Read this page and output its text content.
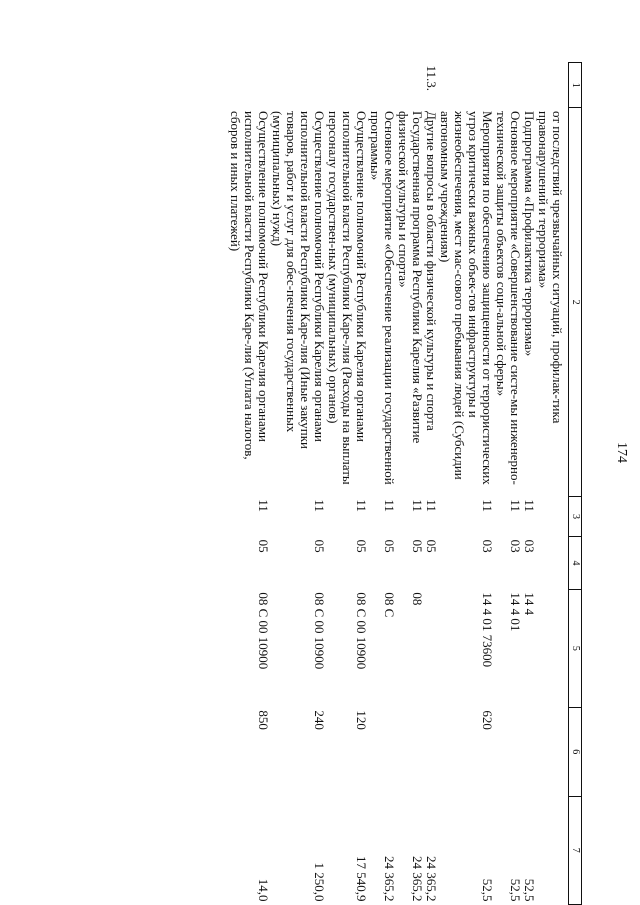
174
1	2	3	4	5	6	7

	от последствий чрезвычайных ситуаций, профилак-тика правонарушений и терроризма»					
	Подпрограмма «Профилактика терроризма»	11	03	14 4		52,5
	Основное мероприятие «Совершенствование систе-мы инженерно-технической защиты объектов соци-альной сферы»	11	03	14 4 01		52,5
	Мероприятия по обеспечению защищенности от террористических угроз критически важных объек-тов инфраструктуры и жизнеобеспечения, мест мас-сового пребывания людей (Субсидии автономным учреждениям)	11	03	14 4 01 73600	620	52,5
11.3.	Другие вопросы в области физической культуры и спорта	11	05			24 365,2
	Государственная программа Республики Карелия «Развитие физической культуры и спорта»	11	05	08		24 365,2
	Основное мероприятие «Обеспечение реализации государственной программы»	11	05	08 С		24 365,2
	Осуществление полномочий Республики Карелия органами исполнительной власти Республики Каре-лия (Расходы на выплаты персоналу государствен-ных (муниципальных) органов)	11	05	08 С 00 10900	120	17 540,9
	Осуществление полномочий Республики Карелия органами исполнительной власти Республики Каре-лия (Иные закупки товаров, работ и услуг для обес-печения государственных (муниципальных) нужд)	11	05	08 С 00 10900	240	1 250,0
	Осуществление полномочий Республики Карелия органами исполнительной власти Республики Каре-лия (Уплата налогов, сборов и иных платежей)	11	05	08 С 00 10900	850	14,0
